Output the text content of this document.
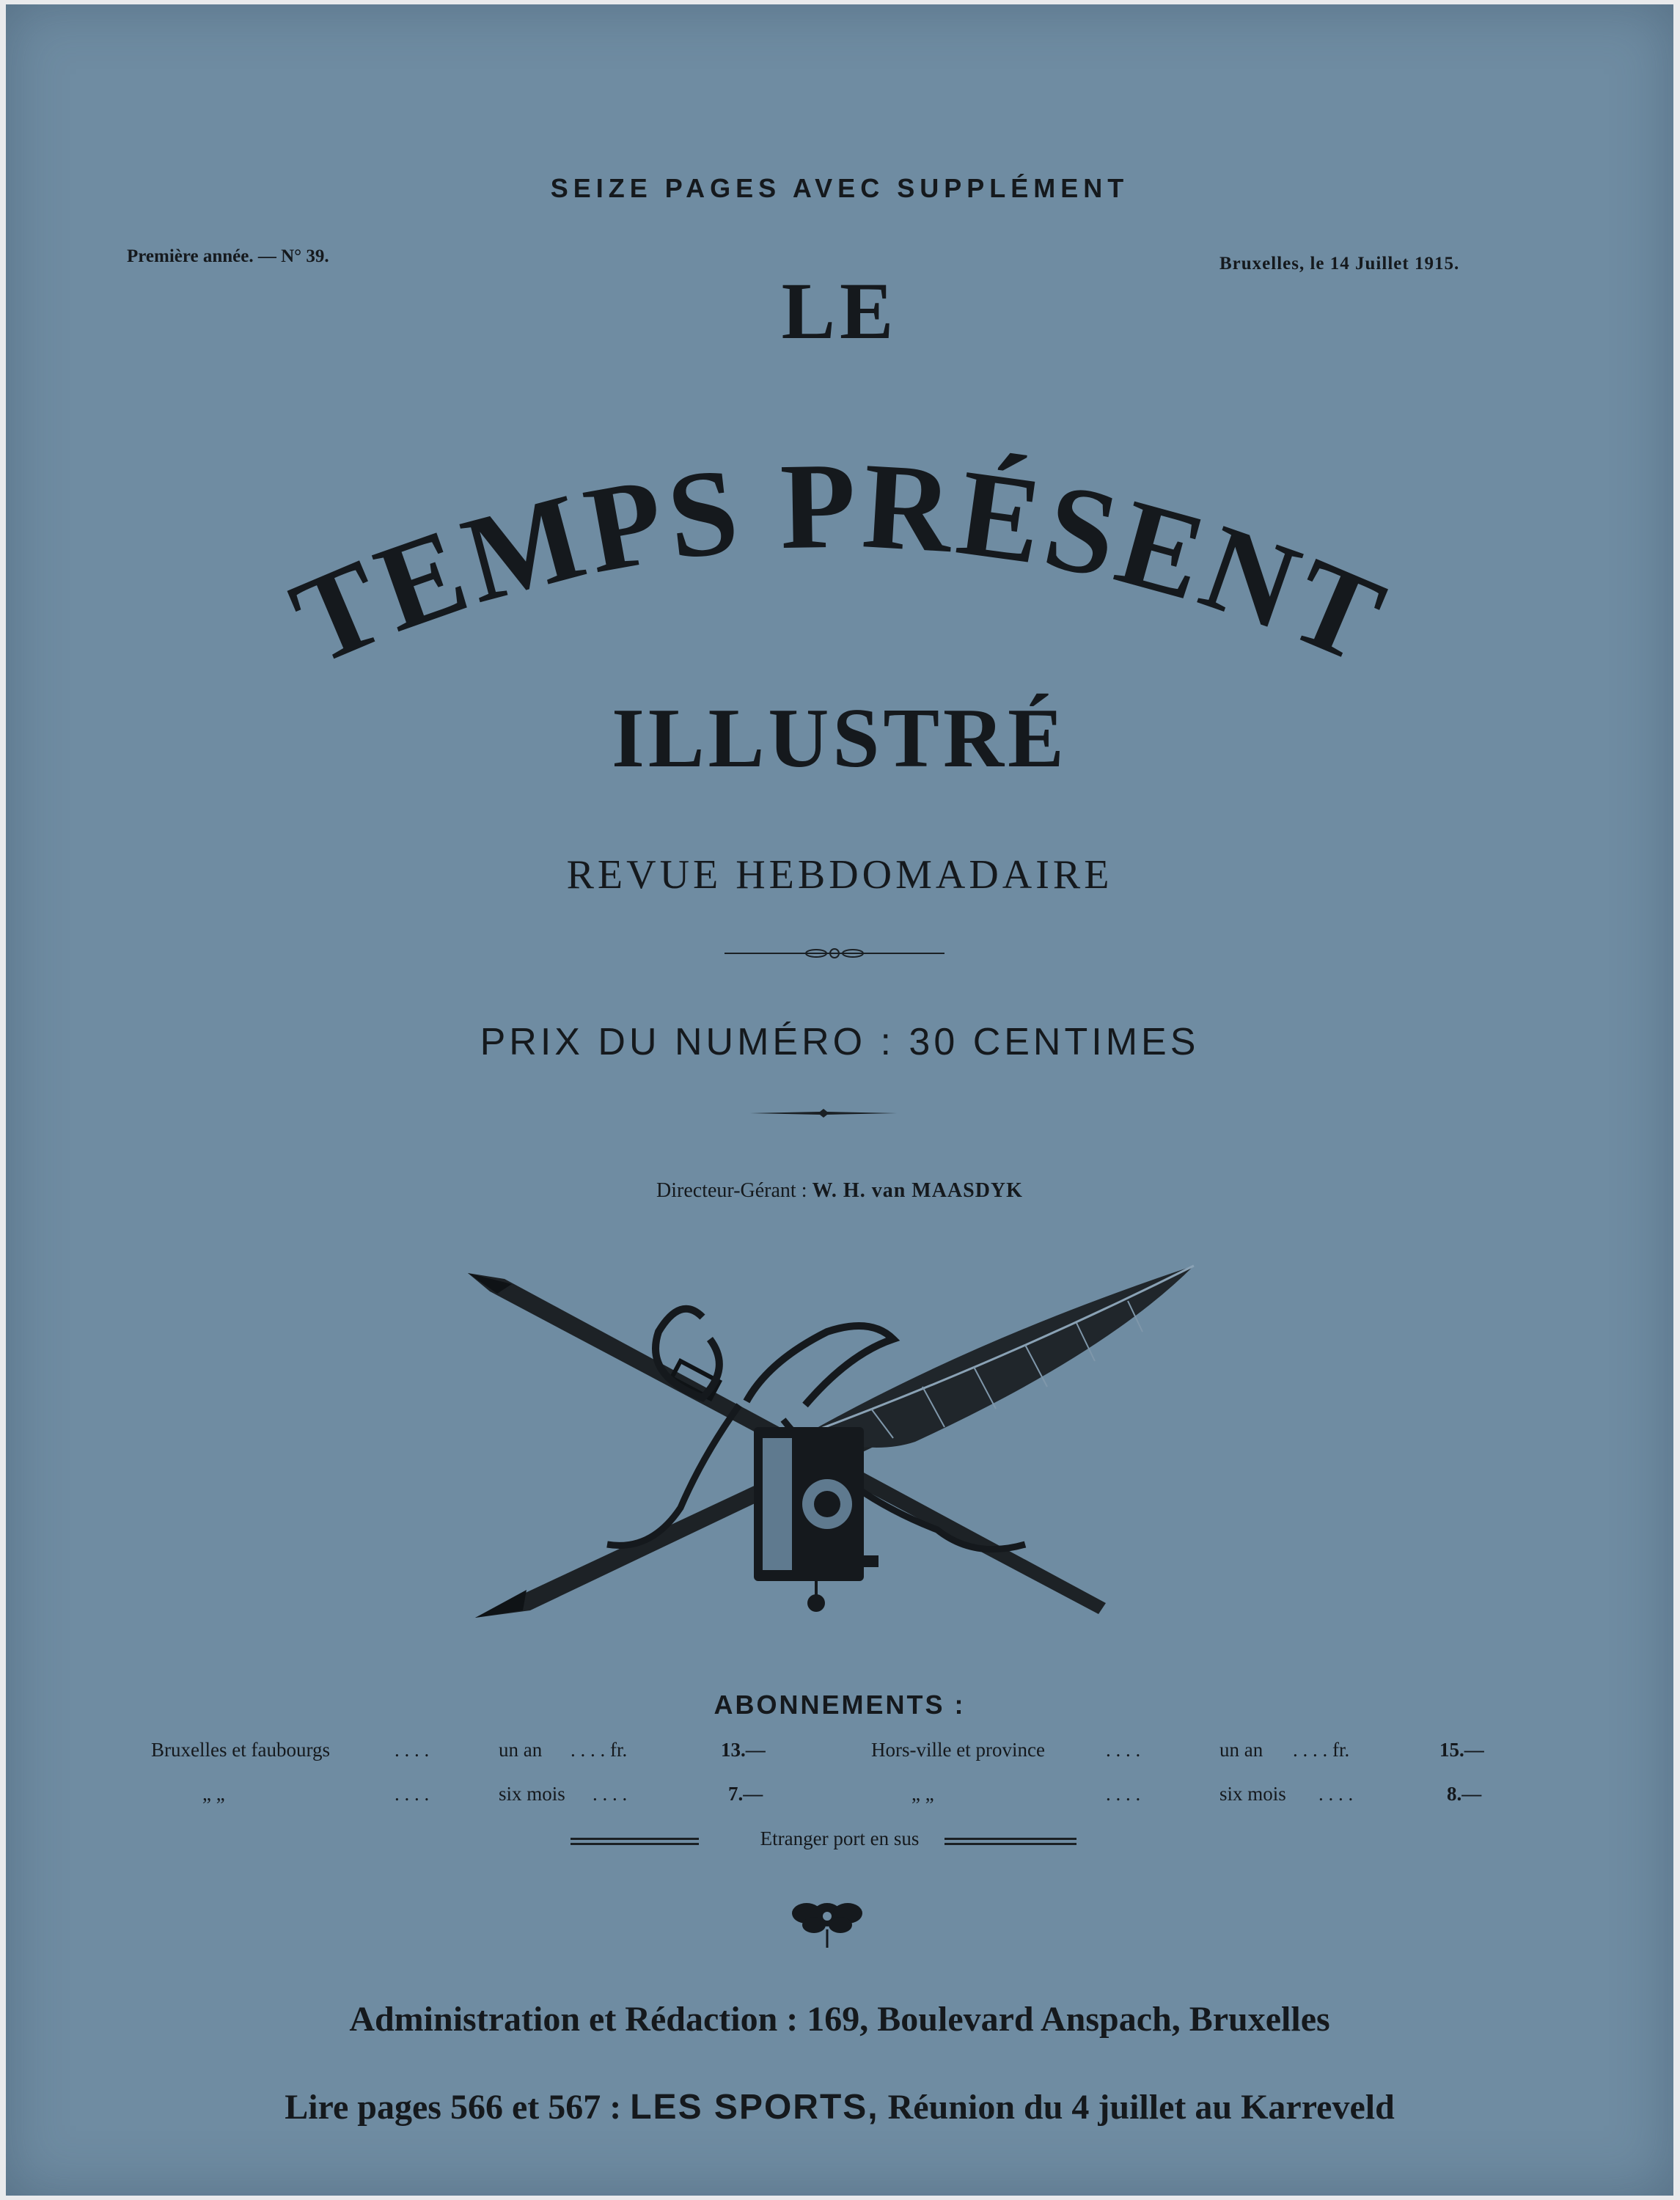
SEIZE PAGES AVEC SUPPLÉMENT
Première année. — N° 39.	Bruxelles, le 14 Juillet 1915.
LE
TEMPS PRÉSENT
ILLUSTRÉ
REVUE HEBDOMADAIRE
PRIX DU NUMÉRO : 30 CENTIMES
Directeur-Gérant : W. H. van MAASDYK
ABONNEMENTS :
Bruxelles et faubourgs	. . . .	un an . . . . fr.	13.—	Hors-ville et province	. . . .	un an . . . . fr.	15.—
„ „	. . . .	six mois . . . .	7.—	„ „	. . . .	six mois . . . .	8.—
Etranger port en sus
Administration et Rédaction : 169, Boulevard Anspach, Bruxelles
Lire pages 566 et 567 : LES SPORTS, Réunion du 4 juillet au Karreveld
